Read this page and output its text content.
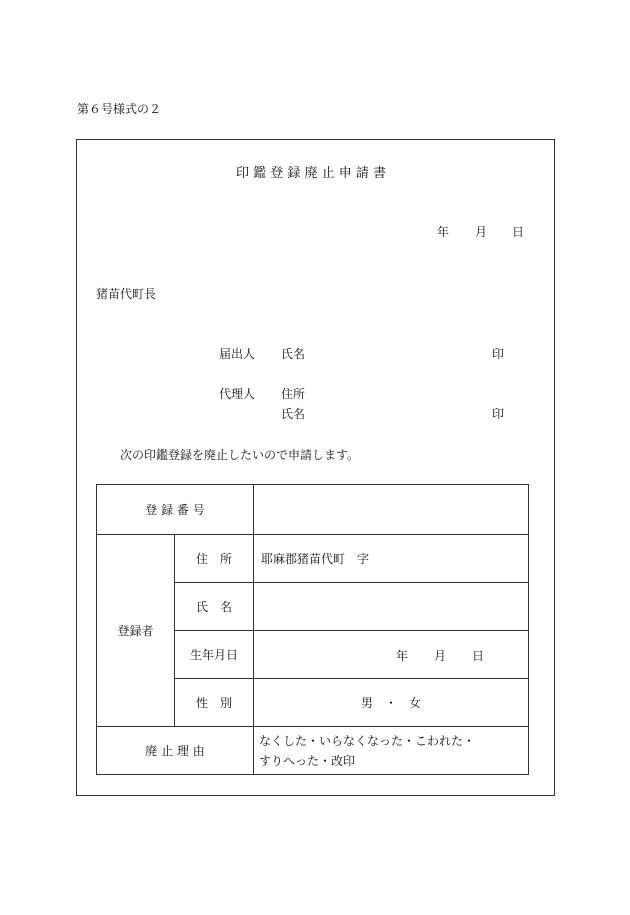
第６号様式の２
印 鑑 登 録 廃 止 申 請 書
年 月 日
猪苗代町長
届出人 氏名	印
代理人 住所
氏名	印
次の印鑑登録を廃止したいので申請します。
登 録 番 号		
登録者	住　所	耶麻郡猪苗代町　字
	氏　名	
	生年月日	年 月 日

	性　別	男　・　女
廃 止 理 由		なくした・いらなくなった・こわれた・
すりへった・改印
